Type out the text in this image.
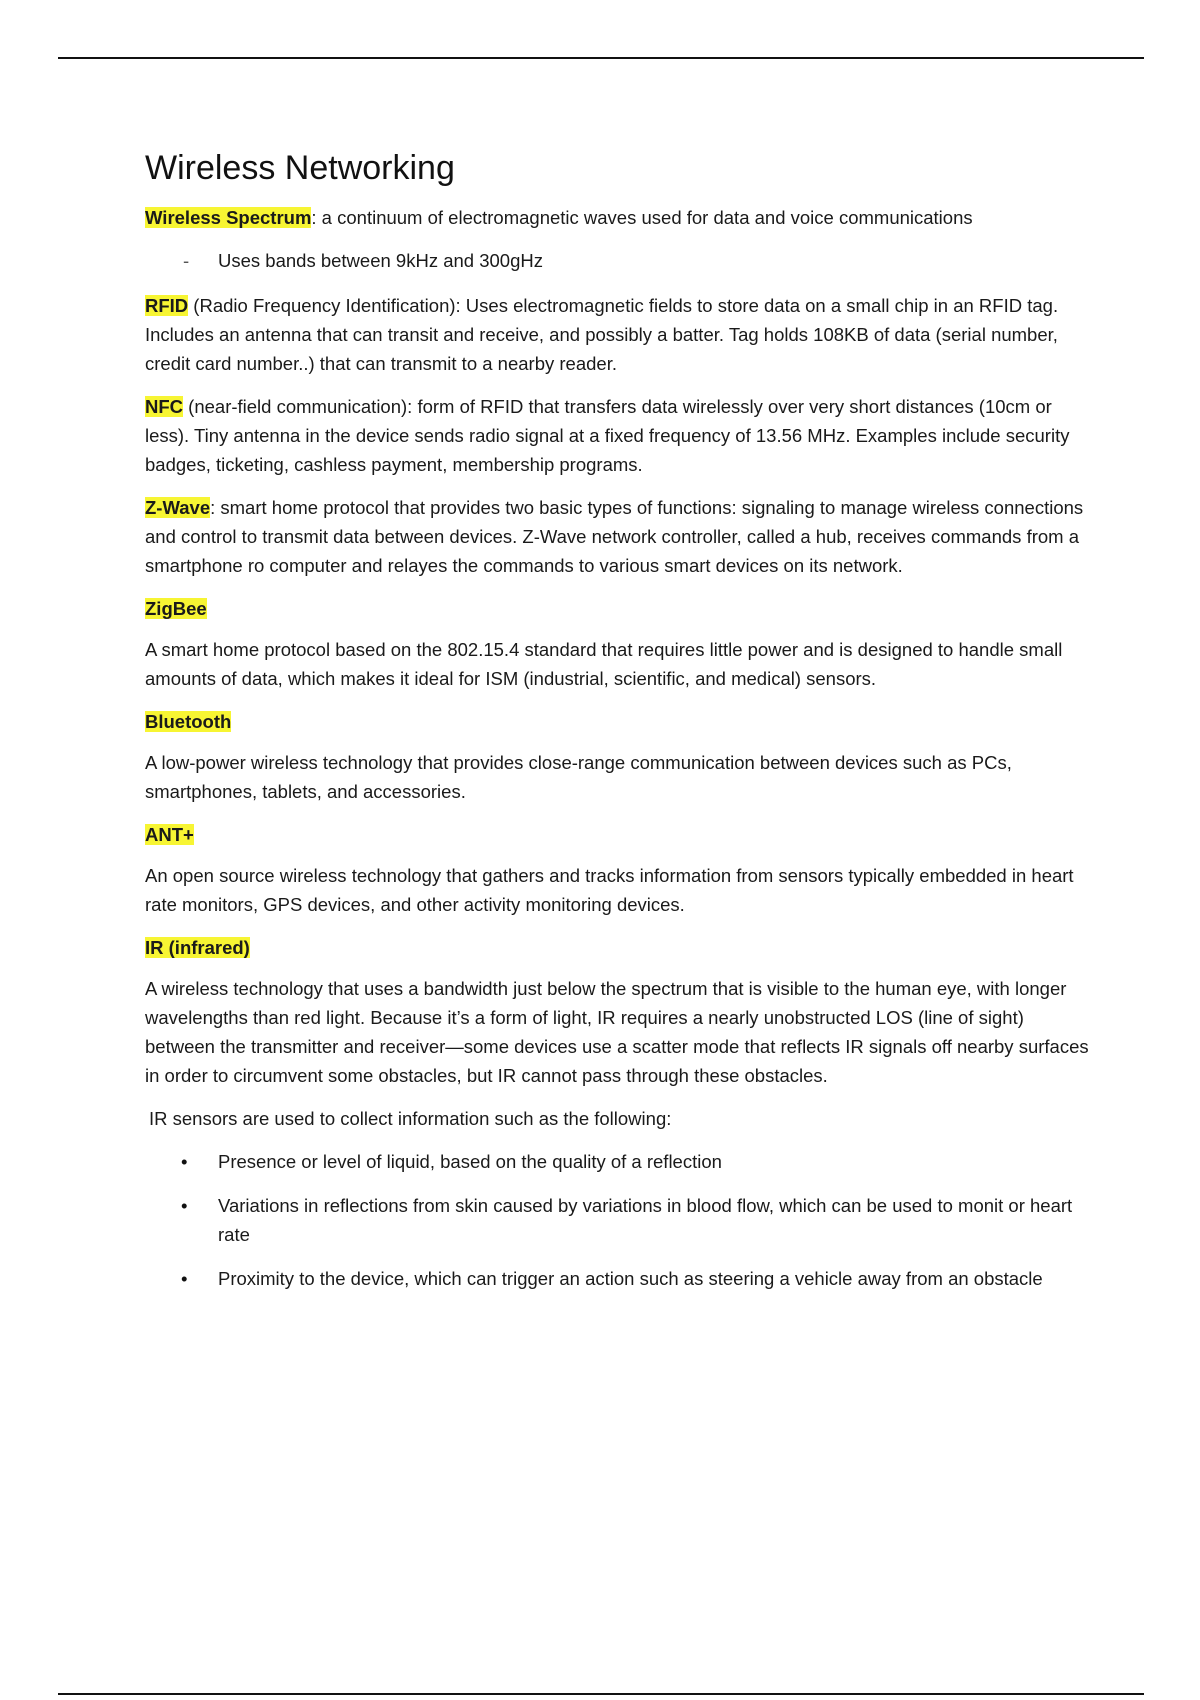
Wireless Networking

Wireless Spectrum: a continuum of electromagnetic waves used for data and voice communications

- Uses bands between 9kHz and 300gHz

RFID (Radio Frequency Identification): Uses electromagnetic fields to store data on a small chip in an RFID tag. Includes an antenna that can transit and receive, and possibly a batter. Tag holds 108KB of data (serial number, credit card number..) that can transmit to a nearby reader.

NFC (near-field communication): form of RFID that transfers data wirelessly over very short distances (10cm or less). Tiny antenna in the device sends radio signal at a fixed frequency of 13.56 MHz. Examples include security badges, ticketing, cashless payment, membership programs.

Z-Wave: smart home protocol that provides two basic types of functions: signaling to manage wireless connections and control to transmit data between devices. Z-Wave network controller, called a hub, receives commands from a smartphone ro computer and relayes the commands to various smart devices on its network.

ZigBee

A smart home protocol based on the 802.15.4 standard that requires little power and is designed to handle small amounts of data, which makes it ideal for ISM (industrial, scientific, and medical) sensors.

Bluetooth

A low-power wireless technology that provides close-range communication between devices such as PCs, smartphones, tablets, and accessories.

ANT+

An open source wireless technology that gathers and tracks information from sensors typically embedded in heart rate monitors, GPS devices, and other activity monitoring devices.

IR (infrared)

A wireless technology that uses a bandwidth just below the spectrum that is visible to the human eye, with longer wavelengths than red light. Because it’s a form of light, IR requires a nearly unobstructed LOS (line of sight) between the transmitter and receiver—some devices use a scatter mode that reflects IR signals off nearby surfaces in order to circumvent some obstacles, but IR cannot pass through these obstacles.

IR sensors are used to collect information such as the following:

• Presence or level of liquid, based on the quality of a reflection
• Variations in reflections from skin caused by variations in blood flow, which can be used to monit or heart rate
• Proximity to the device, which can trigger an action such as steering a vehicle away from an obstacle
